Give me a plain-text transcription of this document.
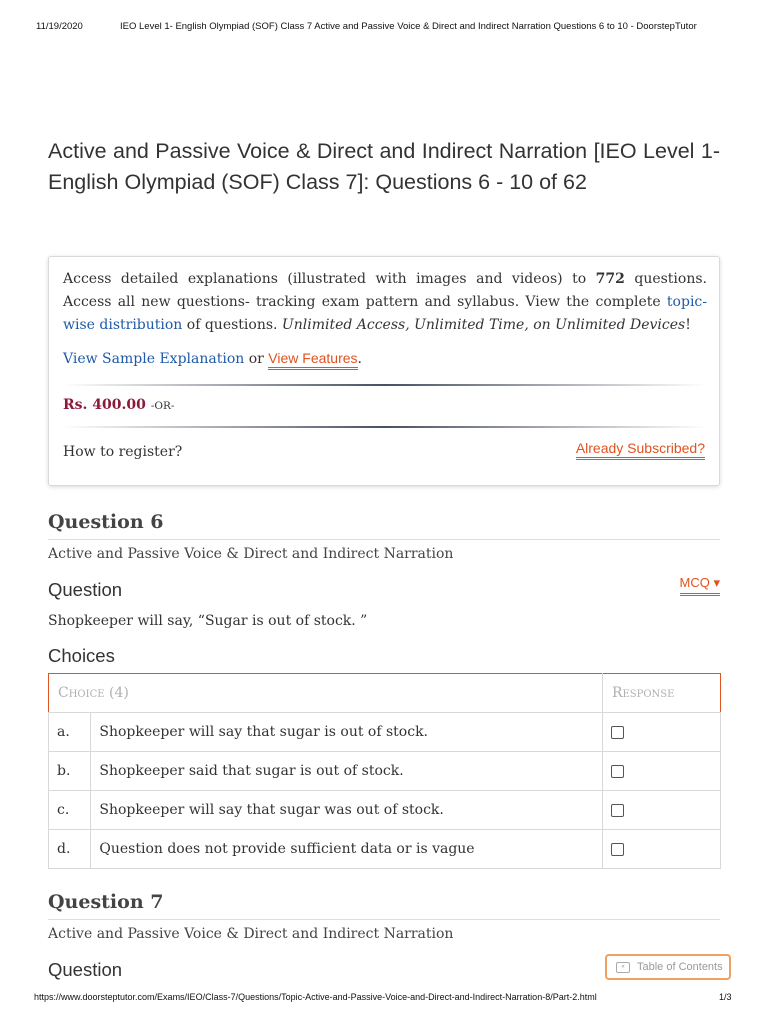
11/19/2020	IEO Level 1- English Olympiad (SOF) Class 7 Active and Passive Voice & Direct and Indirect Narration Questions 6 to 10 - DoorstepTutor
Active and Passive Voice & Direct and Indirect Narration [IEO Level 1- English Olympiad (SOF) Class 7]: Questions 6 - 10 of 62

Access detailed explanations (illustrated with images and videos) to 772 questions. Access all new questions- tracking exam pattern and syllabus. View the complete topic-wise distribution of questions. Unlimited Access, Unlimited Time, on Unlimited Devices!

View Sample Explanation or View Features.
Rs. 400.00 -OR-
How to register?	Already Subscribed?
Question 6
Active and Passive Voice & Direct and Indirect Narration
Question	MCQ ▾
Shopkeeper will say, “Sugar is out of stock. ”
Choices
Choice (4)		Response
a.	Shopkeeper will say that sugar is out of stock.	
b.	Shopkeeper said that sugar is out of stock.	
c.	Shopkeeper will say that sugar was out of stock.	
d.	Question does not provide sufficient data or is vague	
Question 7
Active and Passive Voice & Direct and Indirect Narration
Question	«	Table of Contents
https://www.doorsteptutor.com/Exams/IEO/Class-7/Questions/Topic-Active-and-Passive-Voice-and-Direct-and-Indirect-Narration-8/Part-2.html	1/3
